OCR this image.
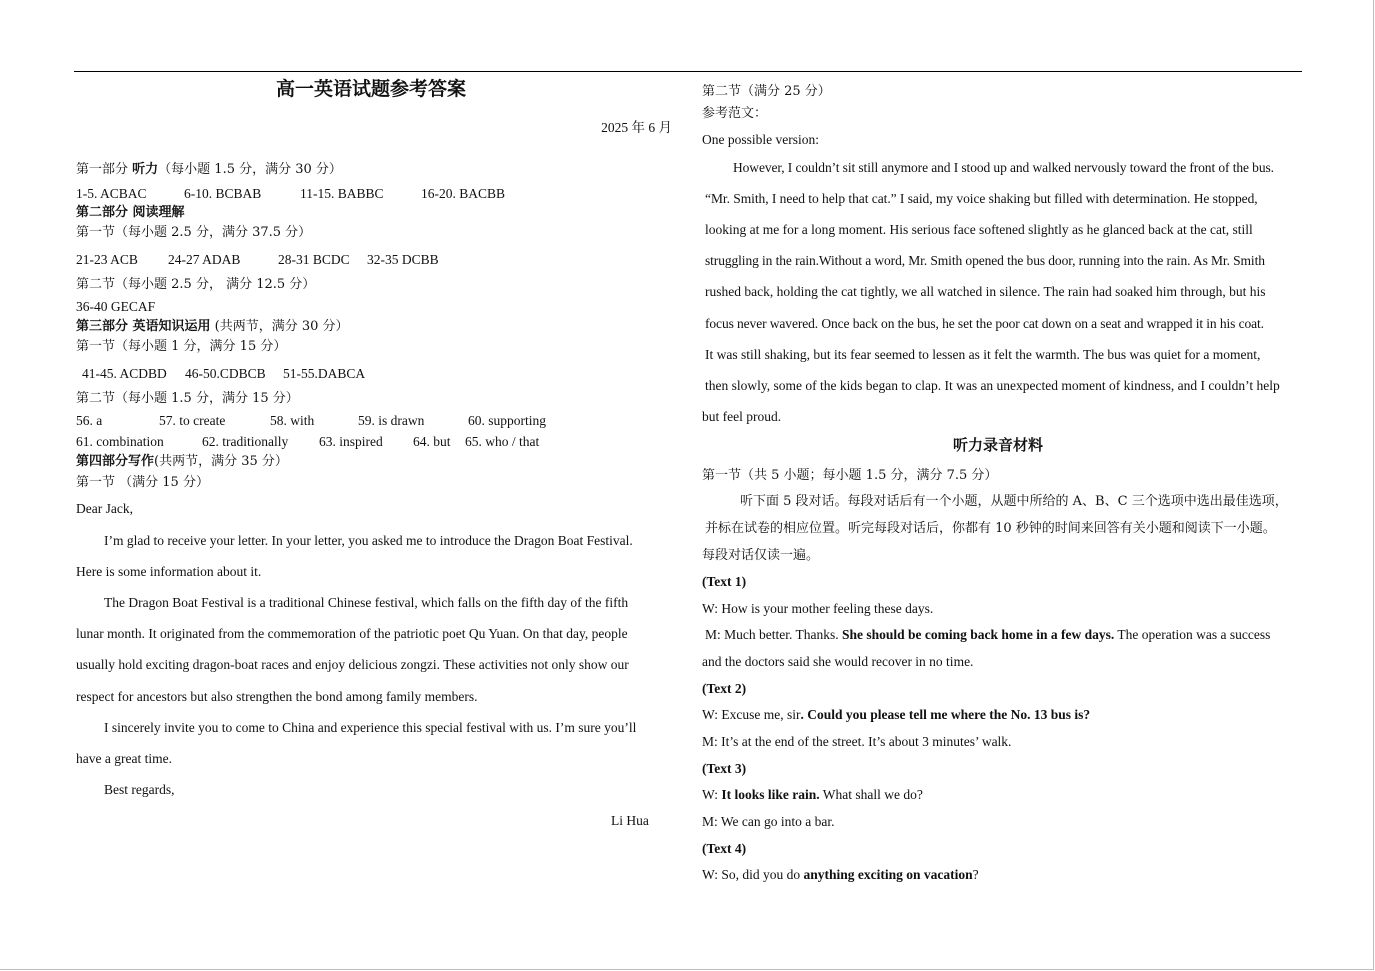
高一英语试题参考答案
2025 年 6 月
第一部分 听力（每小题 1.5 分，满分 30 分）
1-5. ACBAC	6-10. BCBAB	11-15. BABBC	16-20. BACBB
第二部分 阅读理解
第一节（每小题 2.5 分，满分 37.5 分）
21-23 ACB 24-27 ADAB	28-31 BCDC 32-35 DCBB
第二节（每小题 2.5 分， 满分 12.5 分）
36-40 GECAF
第三部分 英语知识运用 (共两节，满分 30 分）
第一节（每小题 1 分，满分 15 分）
41-45. ACDBD 46-50.CDBCB 51-55.DABCA
第二节（每小题 1.5 分，满分 15 分）
56. a	57. to create	58. with	59. is drawn	60. supporting
61. combination	62. traditionally 63. inspired 64. but 65. who / that
第四部分写作(共两节，满分 35 分）
第一节 （满分 15 分）
Dear Jack,
I’m glad to receive your letter. In your letter, you asked me to introduce the Dragon Boat Festival.
Here is some information about it.
The Dragon Boat Festival is a traditional Chinese festival, which falls on the fifth day of the fifth
lunar month. It originated from the commemoration of the patriotic poet Qu Yuan. On that day, people
usually hold exciting dragon-boat races and enjoy delicious zongzi. These activities not only show our
respect for ancestors but also strengthen the bond among family members.
I sincerely invite you to come to China and experience this special festival with us. I’m sure you’ll
have a great time.
Best regards,
Li Hua
第二节（满分 25 分）
参考范文：
One possible version:
However, I couldn’t sit still anymore and I stood up and walked nervously toward the front of the bus.
“Mr. Smith, I need to help that cat.” I said, my voice shaking but filled with determination. He stopped,
looking at me for a long moment. His serious face softened slightly as he glanced back at the cat, still
struggling in the rain.Without a word, Mr. Smith opened the bus door, running into the rain. As Mr. Smith
rushed back, holding the cat tightly, we all watched in silence. The rain had soaked him through, but his
focus never wavered. Once back on the bus, he set the poor cat down on a seat and wrapped it in his coat.
It was still shaking, but its fear seemed to lessen as it felt the warmth. The bus was quiet for a moment,
then slowly, some of the kids began to clap. It was an unexpected moment of kindness, and I couldn’t help
but feel proud.
听力录音材料
第一节（共 5 小题；每小题 1.5 分，满分 7.5 分）
听下面 5 段对话。每段对话后有一个小题，从题中所给的 A、B、C 三个选项中选出最佳选项，
并标在试卷的相应位置。听完每段对话后，你都有 10 秒钟的时间来回答有关小题和阅读下一小题。
每段对话仅读一遍。
(Text 1)
W: How is your mother feeling these days.
M: Much better. Thanks. She should be coming back home in a few days. The operation was a success
and the doctors said she would recover in no time.
(Text 2)
W: Excuse me, sir. Could you please tell me where the No. 13 bus is?
M: It’s at the end of the street. It’s about 3 minutes’ walk.
(Text 3)
W: It looks like rain. What shall we do?
M: We can go into a bar.
(Text 4)
W: So, did you do anything exciting on vacation?
